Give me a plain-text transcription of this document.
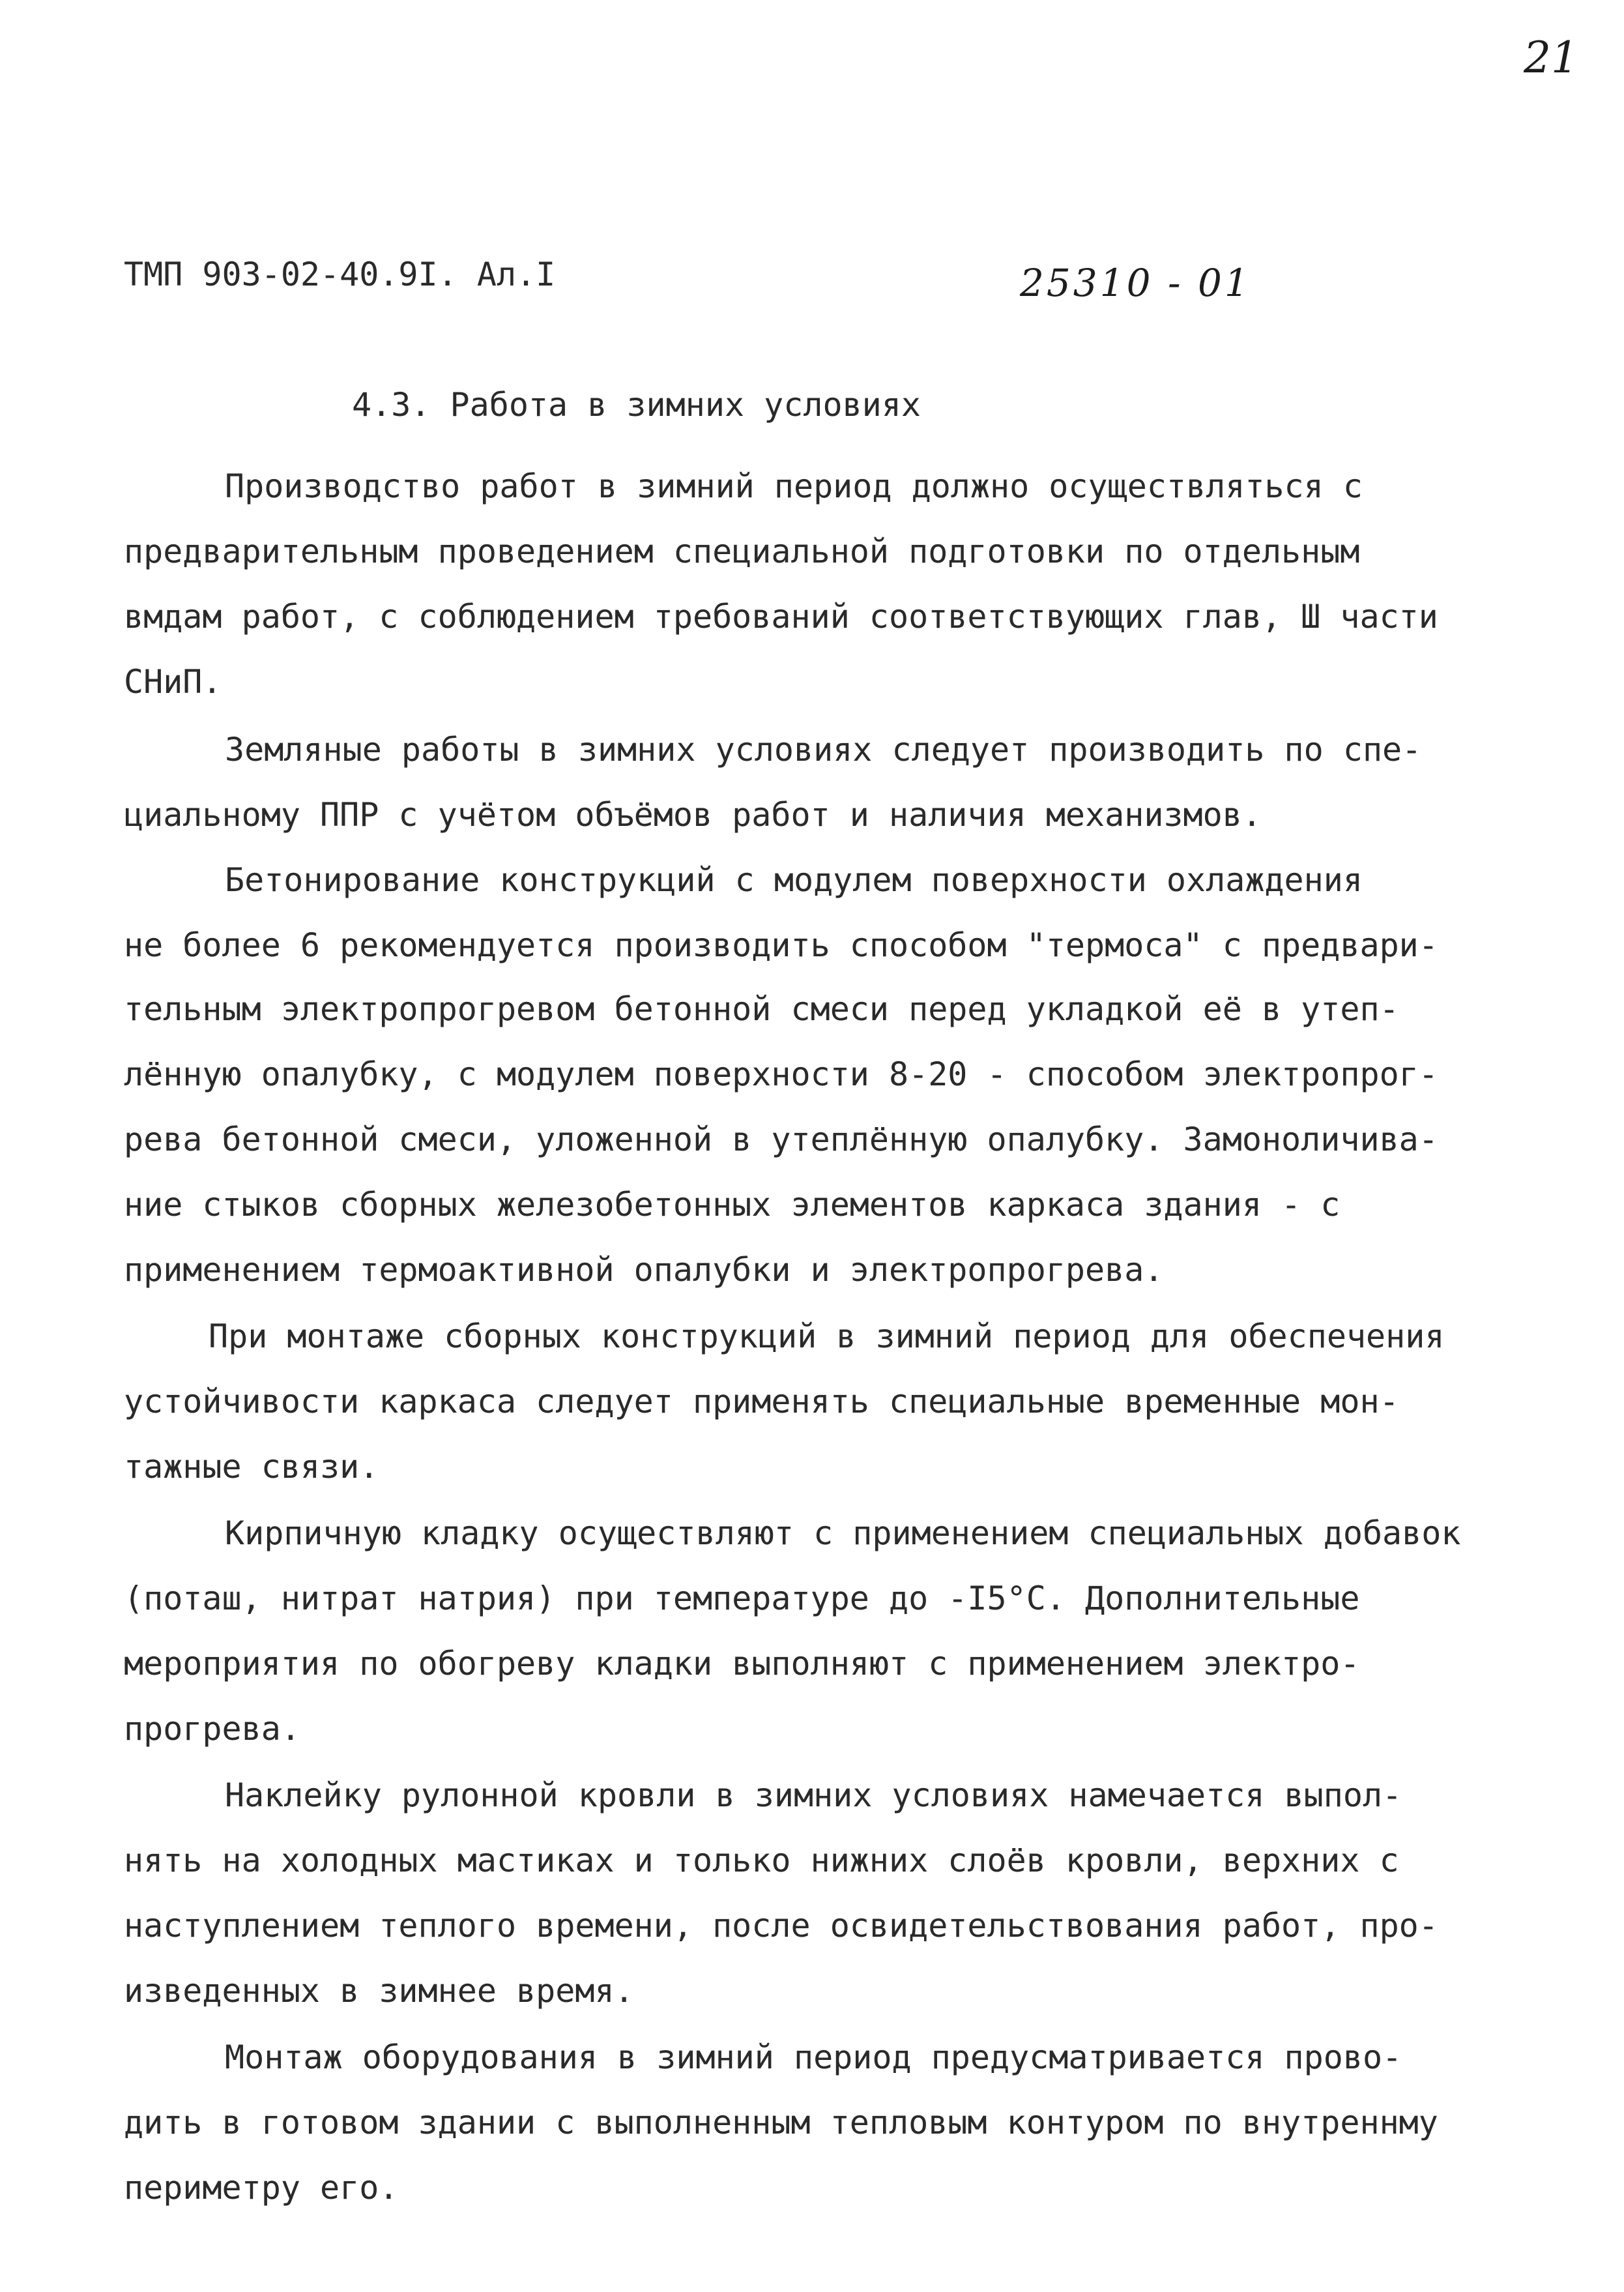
21
ТМП 903-02-40.9I. Ал.I	25310 - 01
4.3. Работа в зимних условиях
Производство работ в зимний период должно осуществляться с
предварительным проведением специальной подготовки по отдельным
вмдам работ, с соблюдением требований соответствующих глав, Ш части
СНиП.
Земляные работы в зимних условиях следует производить по спе-
циальному ППР с учётом объёмов работ и наличия механизмов.
Бетонирование конструкций с модулем поверхности охлаждения
не более 6 рекомендуется производить способом "термоса" с предвари-
тельным электропрогревом бетонной смеси перед укладкой её в утеп-
лённую опалубку, с модулем поверхности 8-20 - способом электропрог-
рева бетонной смеси, уложенной в утеплённую опалубку. Замоноличива-
ние стыков сборных железобетонных элементов каркаса здания - с
применением термоактивной опалубки и электропрогрева.
При монтаже сборных конструкций в зимний период для обеспечения
устойчивости каркаса следует применять специальные временные мон-
тажные связи.
Кирпичную кладку осуществляют с применением специальных добавок
(поташ, нитрат натрия) при температуре до -I5°С. Дополнительные
мероприятия по обогреву кладки выполняют с применением электро-
прогрева.
Наклейку рулонной кровли в зимних условиях намечается выпол-
нять на холодных мастиках и только нижних слоёв кровли, верхних с
наступлением теплого времени, после освидетельствования работ, про-
изведенных в зимнее время.
Монтаж оборудования в зимний период предусматривается прово-
дить в готовом здании с выполненным тепловым контуром по внутреннму
периметру его.
